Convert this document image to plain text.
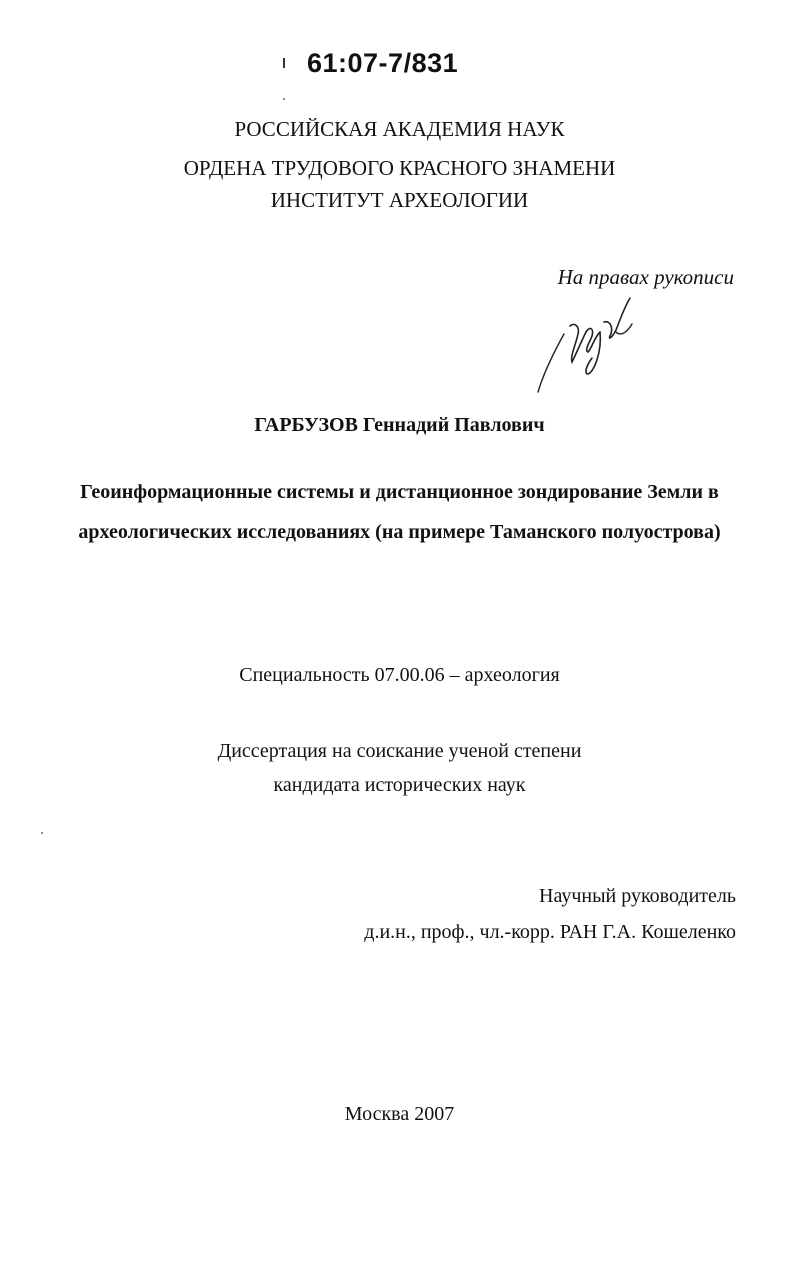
61:07-7/831
РОССИЙСКАЯ АКАДЕМИЯ НАУК
ОРДЕНА ТРУДОВОГО КРАСНОГО ЗНАМЕНИ
ИНСТИТУТ АРХЕОЛОГИИ
На правах рукописи
ГАРБУЗОВ Геннадий Павлович
Геоинформационные системы и дистанционное зондирование Земли в
археологических исследованиях (на примере Таманского полуострова)
Специальность 07.00.06 – археология
Диссертация на соискание ученой степени
кандидата исторических наук
Научный руководитель
д.и.н., проф., чл.-корр. РАН Г.А. Кошеленко
Москва 2007
